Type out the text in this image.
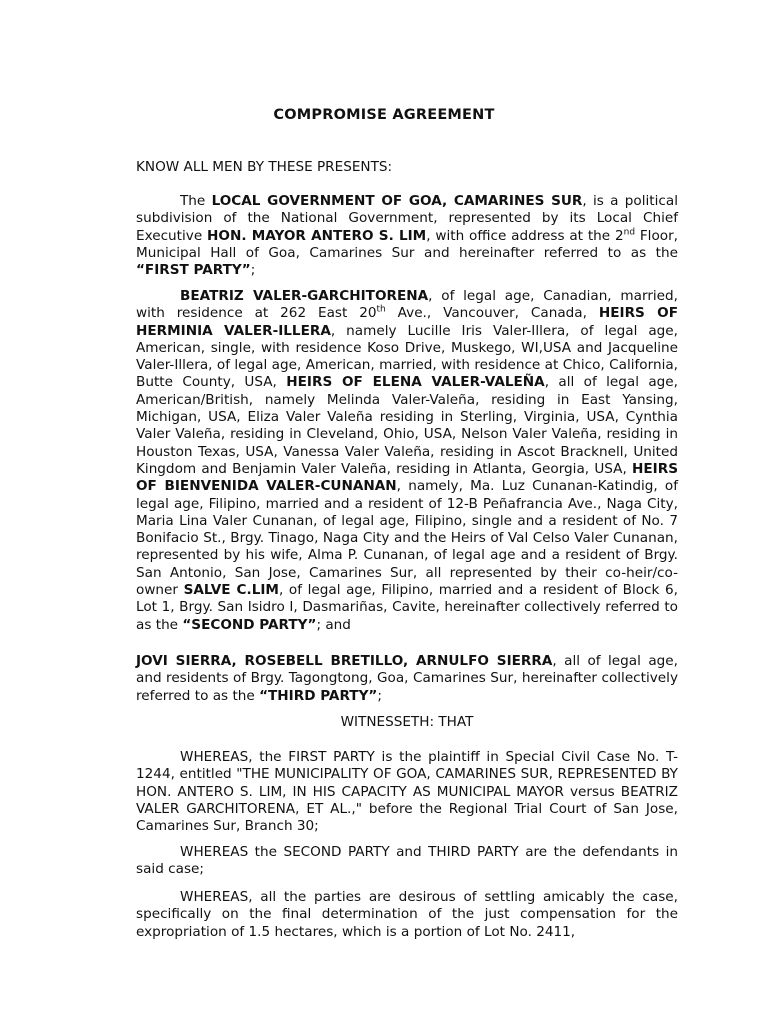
COMPROMISE AGREEMENT

KNOW ALL MEN BY THESE PRESENTS:

The LOCAL GOVERNMENT OF GOA, CAMARINES SUR, is a political subdivision of the National Government, represented by its Local Chief Executive HON. MAYOR ANTERO S. LIM, with office address at the 2nd Floor, Municipal Hall of Goa, Camarines Sur and hereinafter referred to as the “FIRST PARTY”;

BEATRIZ VALER-GARCHITORENA, of legal age, Canadian, married, with residence at 262 East 20th Ave., Vancouver, Canada, HEIRS OF HERMINIA VALER-ILLERA, namely Lucille Iris Valer-Illera, of legal age, American, single, with residence Koso Drive, Muskego, WI,USA and Jacqueline Valer-Illera, of legal age, American, married, with residence at Chico, California, Butte County, USA, HEIRS OF ELENA VALER-VALEÑA, all of legal age, American/British, namely Melinda Valer-Valeña, residing in East Yansing, Michigan, USA, Eliza Valer Valeña residing in Sterling, Virginia, USA, Cynthia Valer Valeña, residing in Cleveland, Ohio, USA, Nelson Valer Valeña, residing in Houston Texas, USA, Vanessa Valer Valeña, residing in Ascot Bracknell, United Kingdom and Benjamin Valer Valeña, residing in Atlanta, Georgia, USA, HEIRS OF BIENVENIDA VALER-CUNANAN, namely, Ma. Luz Cunanan-Katindig, of legal age, Filipino, married and a resident of 12-B Peñafrancia Ave., Naga City, Maria Lina Valer Cunanan, of legal age, Filipino, single and a resident of No. 7 Bonifacio St., Brgy. Tinago, Naga City and the Heirs of Val Celso Valer Cunanan, represented by his wife, Alma P. Cunanan, of legal age and a resident of Brgy. San Antonio, San Jose, Camarines Sur, all represented by their co-heir/co-owner SALVE C.LIM, of legal age, Filipino, married and a resident of Block 6, Lot 1, Brgy. San Isidro I, Dasmariñas, Cavite, hereinafter collectively referred to as the “SECOND PARTY”; and

JOVI SIERRA, ROSEBELL BRETILLO, ARNULFO SIERRA, all of legal age, and residents of Brgy. Tagongtong, Goa, Camarines Sur, hereinafter collectively referred to as the “THIRD PARTY”;

WITNESSETH: THAT

WHEREAS, the FIRST PARTY is the plaintiff in Special Civil Case No. T-1244, entitled "THE MUNICIPALITY OF GOA, CAMARINES SUR, REPRESENTED BY HON. ANTERO S. LIM, IN HIS CAPACITY AS MUNICIPAL MAYOR versus BEATRIZ VALER GARCHITORENA, ET AL.," before the Regional Trial Court of San Jose, Camarines Sur, Branch 30;

WHEREAS the SECOND PARTY and THIRD PARTY are the defendants in said case;

WHEREAS, all the parties are desirous of settling amicably the case, specifically on the final determination of the just compensation for the expropriation of 1.5 hectares, which is a portion of Lot No. 2411,
